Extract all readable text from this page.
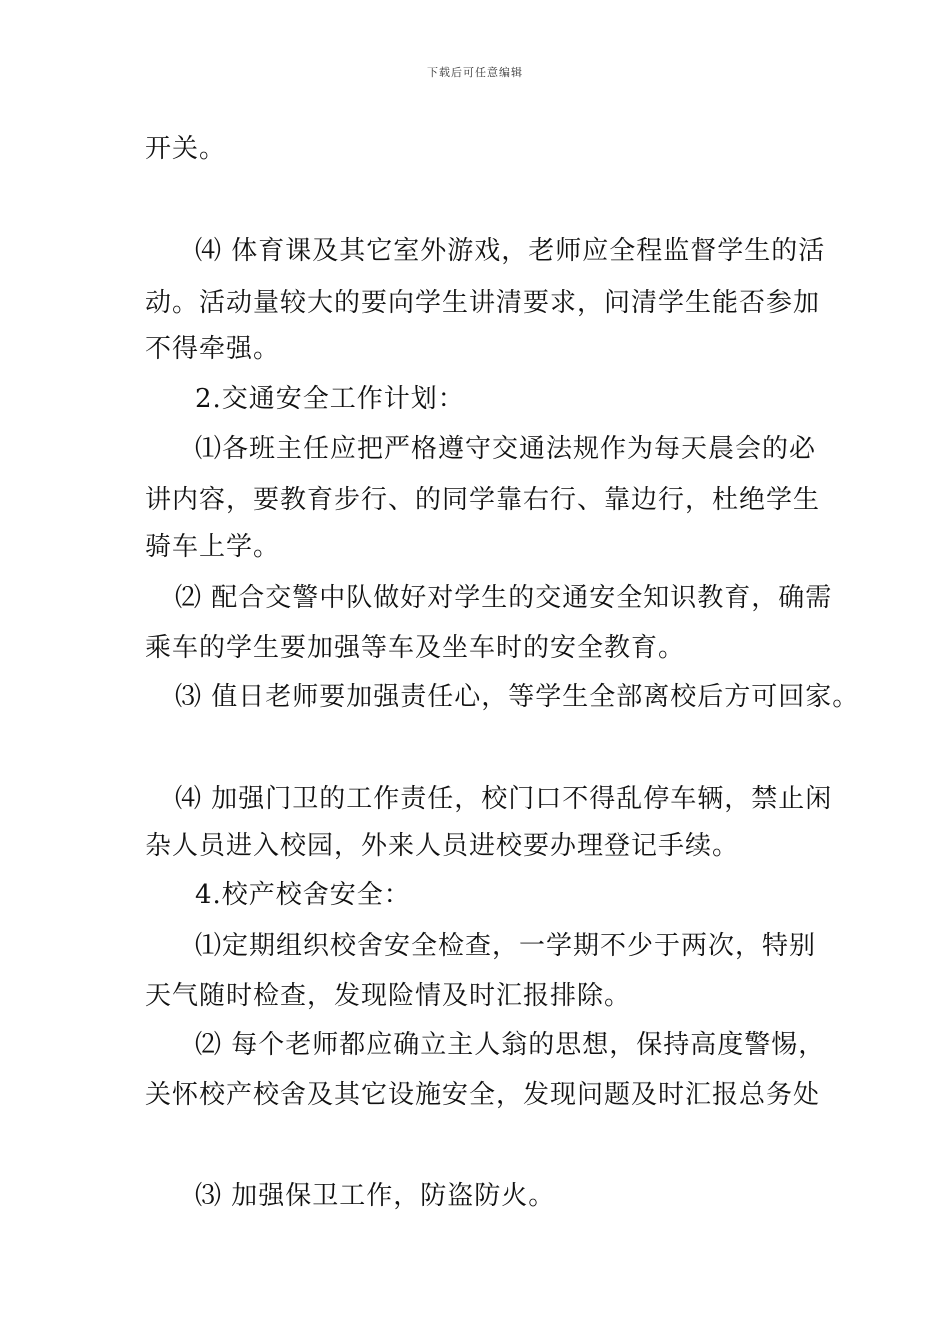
下载后可任意编辑
开关。
⑷ 体育课及其它室外游戏，老师应全程监督学生的活
动。活动量较大的要向学生讲清要求，问清学生能否参加
不得牵强。
2.交通安全工作计划：
⑴各班主任应把严格遵守交通法规作为每天晨会的必
讲内容，要教育步行、的同学靠右行、靠边行，杜绝学生
骑车上学。
⑵ 配合交警中队做好对学生的交通安全知识教育，确需
乘车的学生要加强等车及坐车时的安全教育。
⑶ 值日老师要加强责任心，等学生全部离校后方可回家。
⑷ 加强门卫的工作责任，校门口不得乱停车辆，禁止闲
杂人员进入校园，外来人员进校要办理登记手续。
4.校产校舍安全：
⑴定期组织校舍安全检查，一学期不少于两次，特别
天气随时检查，发现险情及时汇报排除。
⑵ 每个老师都应确立主人翁的思想，保持高度警惕，
关怀校产校舍及其它设施安全，发现问题及时汇报总务处
⑶ 加强保卫工作，防盗防火。
